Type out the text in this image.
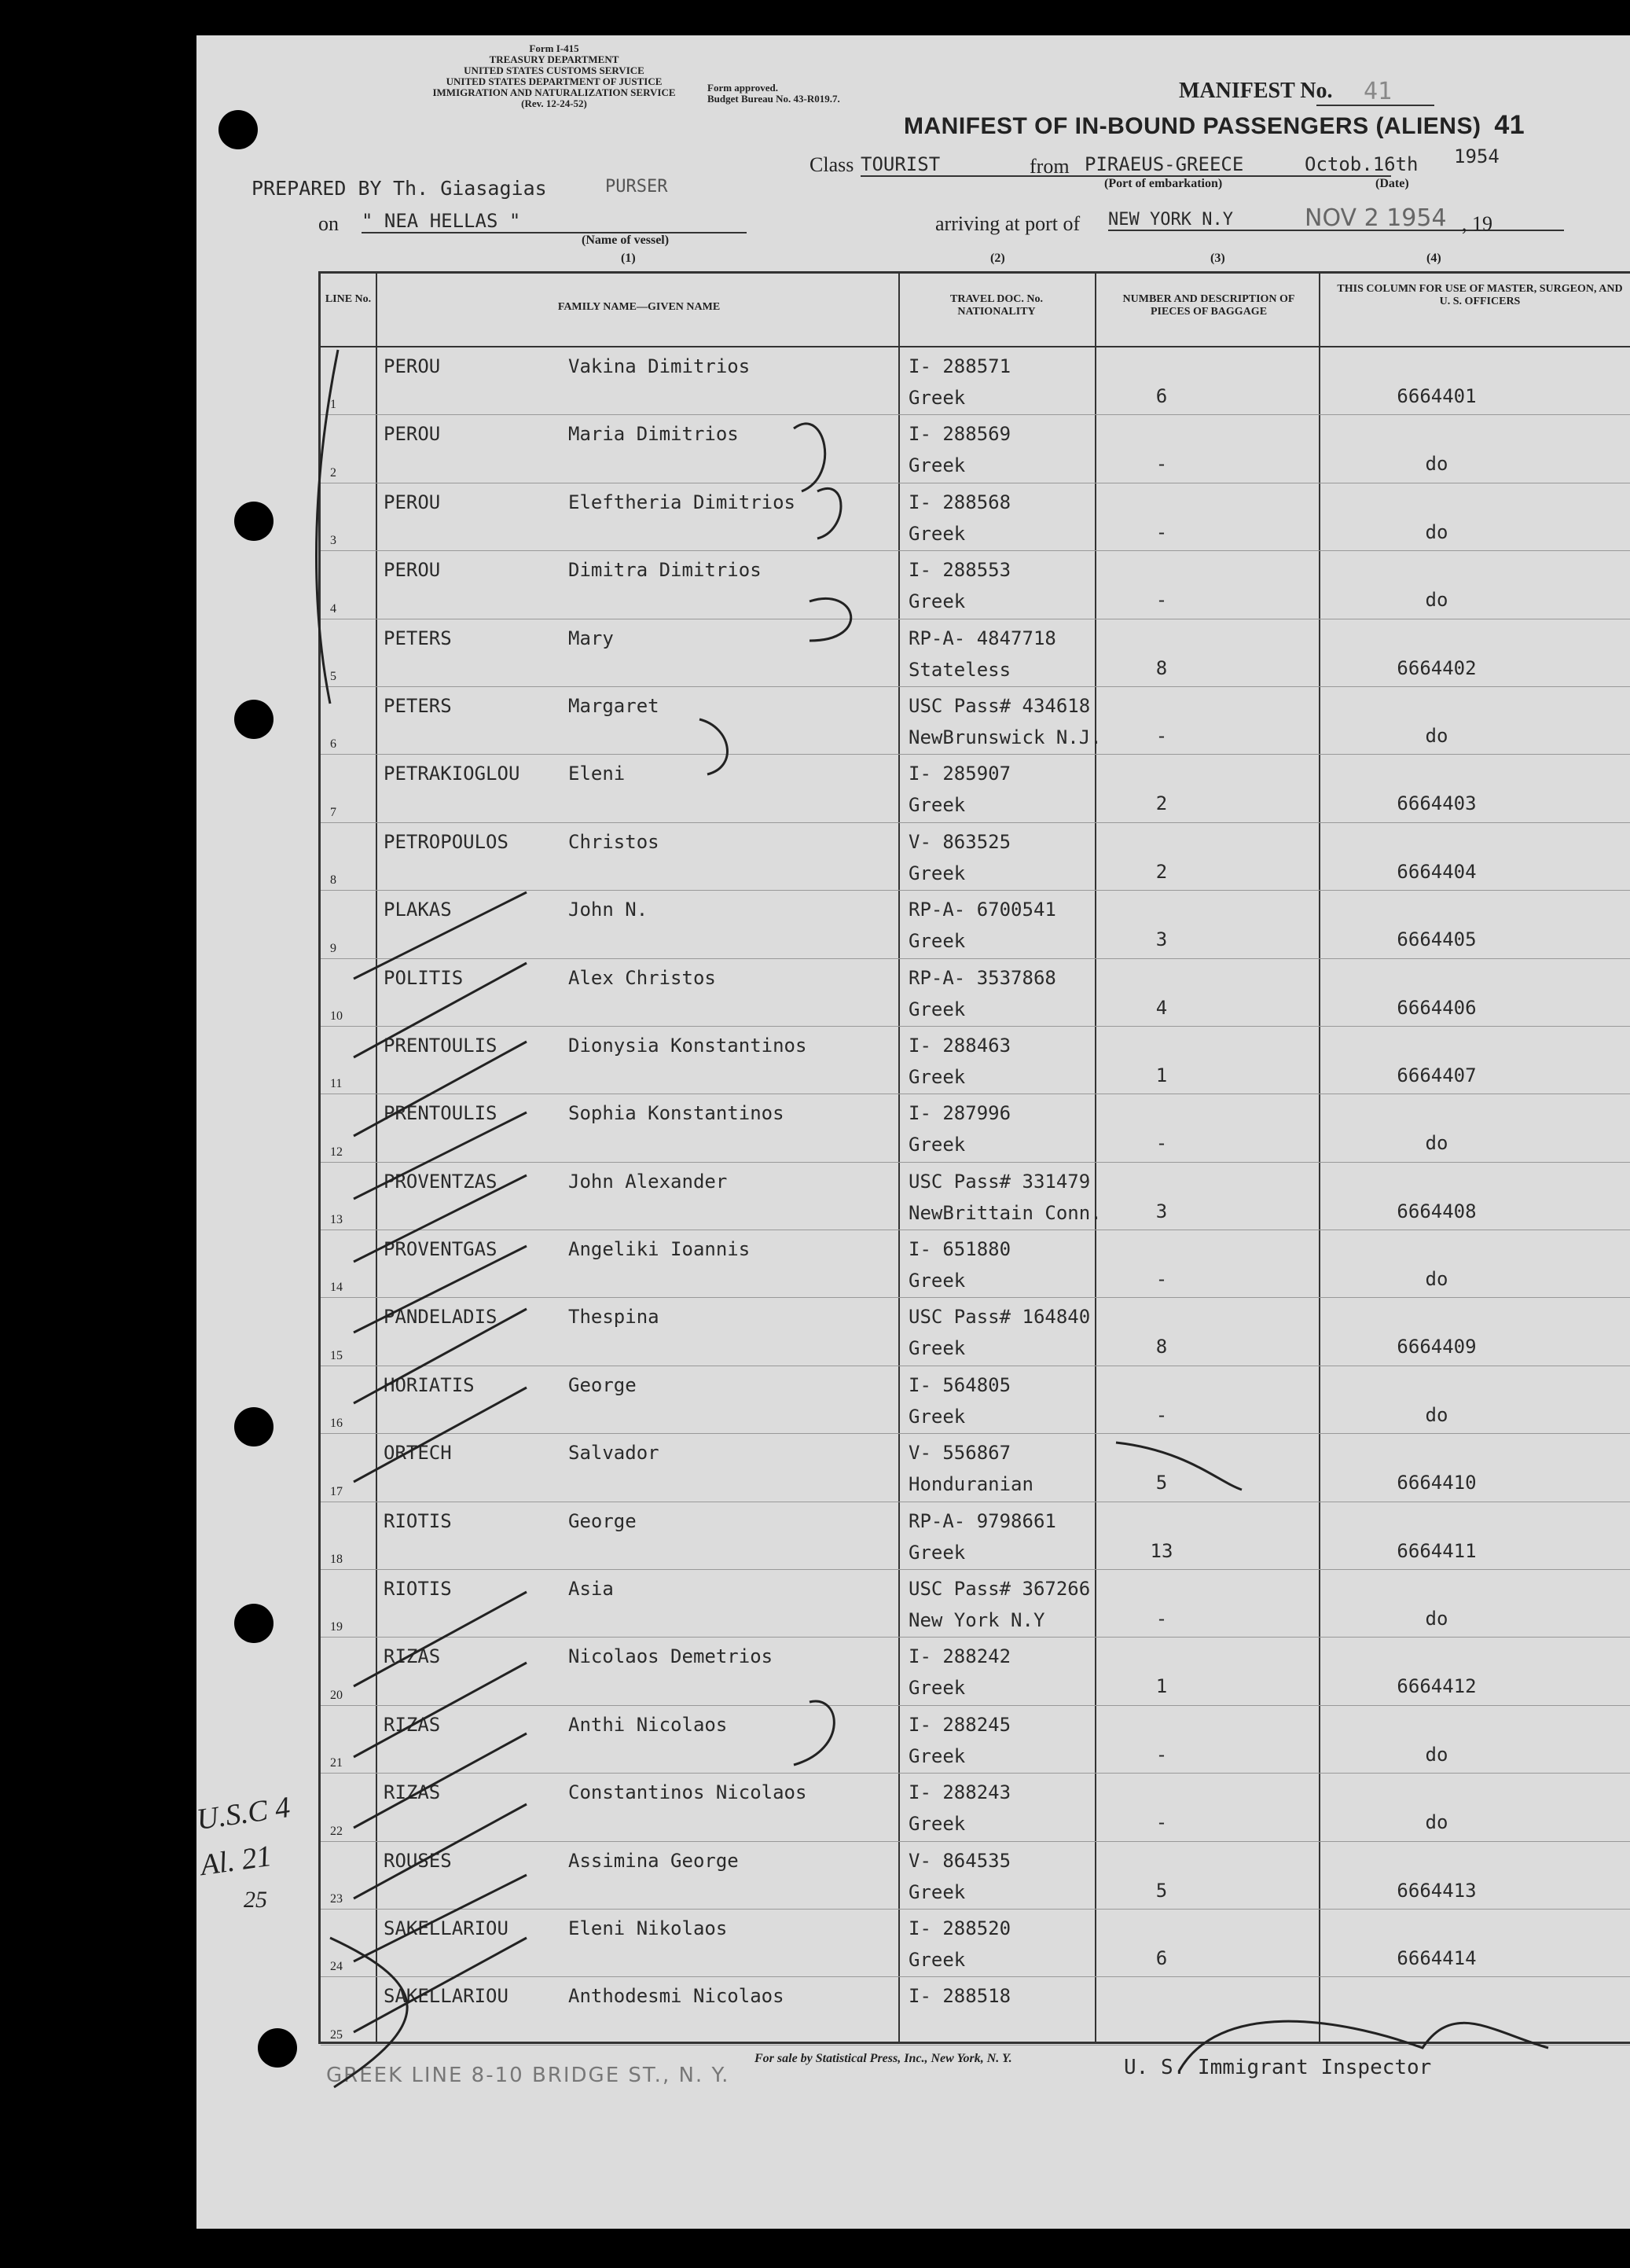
Form I-415
TREASURY DEPARTMENT
UNITED STATES CUSTOMS SERVICE
UNITED STATES DEPARTMENT OF JUSTICE
IMMIGRATION AND NATURALIZATION SERVICE
(Rev. 12-24-52)
Form approved.
Budget Bureau No. 43-R019.7.	MANIFEST No. 41
MANIFEST OF IN-BOUND PASSENGERS (ALIENS) 41
Class TOURIST	from PIRAEUS-GREECE
(Port of embarkation)
Octob.16th
(Date)
1954
PREPARED BY Th. Giasagias	PURSER
on " NEA HELLAS "
(Name of vessel)
arriving at port of NEW YORK N.Y	NOV 2 1954 , 19
(1)	(2)	(3)	(4)
LINE No.
FAMILY NAME—GIVEN NAME
TRAVEL DOC. No. NATIONALITY
NUMBER AND DESCRIPTION OF PIECES OF BAGGAGE
THIS COLUMN FOR USE OF MASTER, SURGEON, AND U. S. OFFICERS
1
PEROU	Vakina Dimitrios	I- 288571
Greek	6	6664401
2
PEROU	Maria Dimitrios	I- 288569
Greek	-	do
3
PEROU	Eleftheria Dimitrios	I- 288568
Greek	-	do
4
PEROU	Dimitra Dimitrios	I- 288553
Greek	-	do
5
PETERS	Mary	RP-A- 4847718
Stateless	8	6664402
6
PETERS	Margaret	USC Pass# 434618
NewBrunswick N.J.	-	do
7
PETRAKIOGLOU	Eleni	I- 285907
Greek	2	6664403
8
PETROPOULOS	Christos	V- 863525
Greek	2	6664404
9
PLAKAS	John N.	RP-A- 6700541
Greek	3	6664405
10
POLITIS	Alex Christos	RP-A- 3537868
Greek	4	6664406
11
PRENTOULIS	Dionysia Konstantinos	I- 288463
Greek	1	6664407
12
PRENTOULIS	Sophia Konstantinos	I- 287996
Greek	-	do
13
PROVENTZAS	John Alexander	USC Pass# 331479
NewBrittain Conn.	3	6664408
14
PROVENTGAS	Angeliki Ioannis	I- 651880
Greek	-	do
15
PANDELADIS	Thespina	USC Pass# 164840
Greek	8	6664409
16
HORIATIS	George	I- 564805
Greek	-	do
17
ORTECH	Salvador	V- 556867
Honduranian	5	6664410
18
RIOTIS	George	RP-A- 9798661
Greek	13	6664411
19
RIOTIS	Asia	USC Pass# 367266
New York N.Y	-	do
20
RIZAS	Nicolaos Demetrios	I- 288242
Greek	1	6664412
21
RIZAS	Anthi Nicolaos	I- 288245
Greek	-	do
22
RIZAS	Constantinos Nicolaos	I- 288243
Greek	-	do
23
ROUSES	Assimina George	V- 864535
Greek	5	6664413
24
SAKELLARIOU	Eleni Nikolaos	I- 288520
Greek	6	6664414
25
SAKELLARIOU	Anthodesmi Nicolaos	I- 288518
GREEK LINE 8-10 BRIDGE ST., N. Y.
For sale by Statistical Press, Inc., New York, N. Y.	U. S. Immigrant Inspector
U.S.C 4
Al. 21
25
